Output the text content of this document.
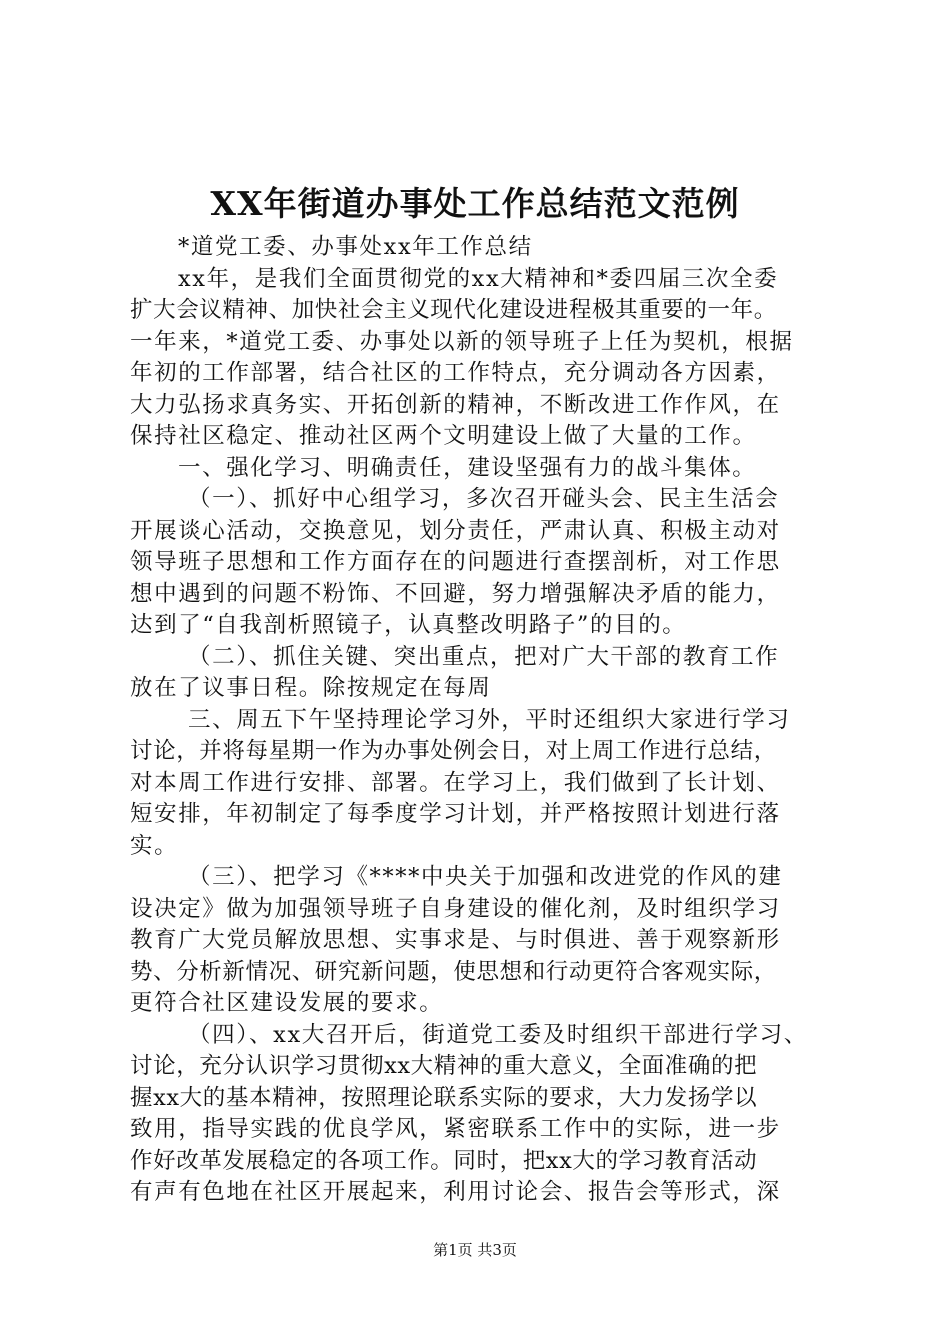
XX年街道办事处工作总结范文范例
*道党工委、办事处xx年工作总结
xx年，是我们全面贯彻党的xx大精神和*委四届三次全委
扩大会议精神、加快社会主义现代化建设进程极其重要的一年。
一年来，*道党工委、办事处以新的领导班子上任为契机，根据
年初的工作部署，结合社区的工作特点，充分调动各方因素，
大力弘扬求真务实、开拓创新的精神，不断改进工作作风，在
保持社区稳定、推动社区两个文明建设上做了大量的工作。
一、强化学习、明确责任，建设坚强有力的战斗集体。
（一）、抓好中心组学习，多次召开碰头会、民主生活会
开展谈心活动，交换意见，划分责任，严肃认真、积极主动对
领导班子思想和工作方面存在的问题进行查摆剖析，对工作思
想中遇到的问题不粉饰、不回避，努力增强解决矛盾的能力，
达到了“自我剖析照镜子，认真整改明路子”的目的。
（二）、抓住关键、突出重点，把对广大干部的教育工作
放在了议事日程。除按规定在每周
三、周五下午坚持理论学习外，平时还组织大家进行学习
讨论，并将每星期一作为办事处例会日，对上周工作进行总结，
对本周工作进行安排、部署。在学习上，我们做到了长计划、
短安排，年初制定了每季度学习计划，并严格按照计划进行落
实。
（三）、把学习《****中央关于加强和改进党的作风的建
设决定》做为加强领导班子自身建设的催化剂，及时组织学习
教育广大党员解放思想、实事求是、与时俱进、善于观察新形
势、分析新情况、研究新问题，使思想和行动更符合客观实际，
更符合社区建设发展的要求。
（四）、xx大召开后，街道党工委及时组织干部进行学习、
讨论，充分认识学习贯彻xx大精神的重大意义，全面准确的把
握xx大的基本精神，按照理论联系实际的要求，大力发扬学以
致用，指导实践的优良学风，紧密联系工作中的实际，进一步
作好改革发展稳定的各项工作。同时，把xx大的学习教育活动
有声有色地在社区开展起来，利用讨论会、报告会等形式，深
第1页 共3页
